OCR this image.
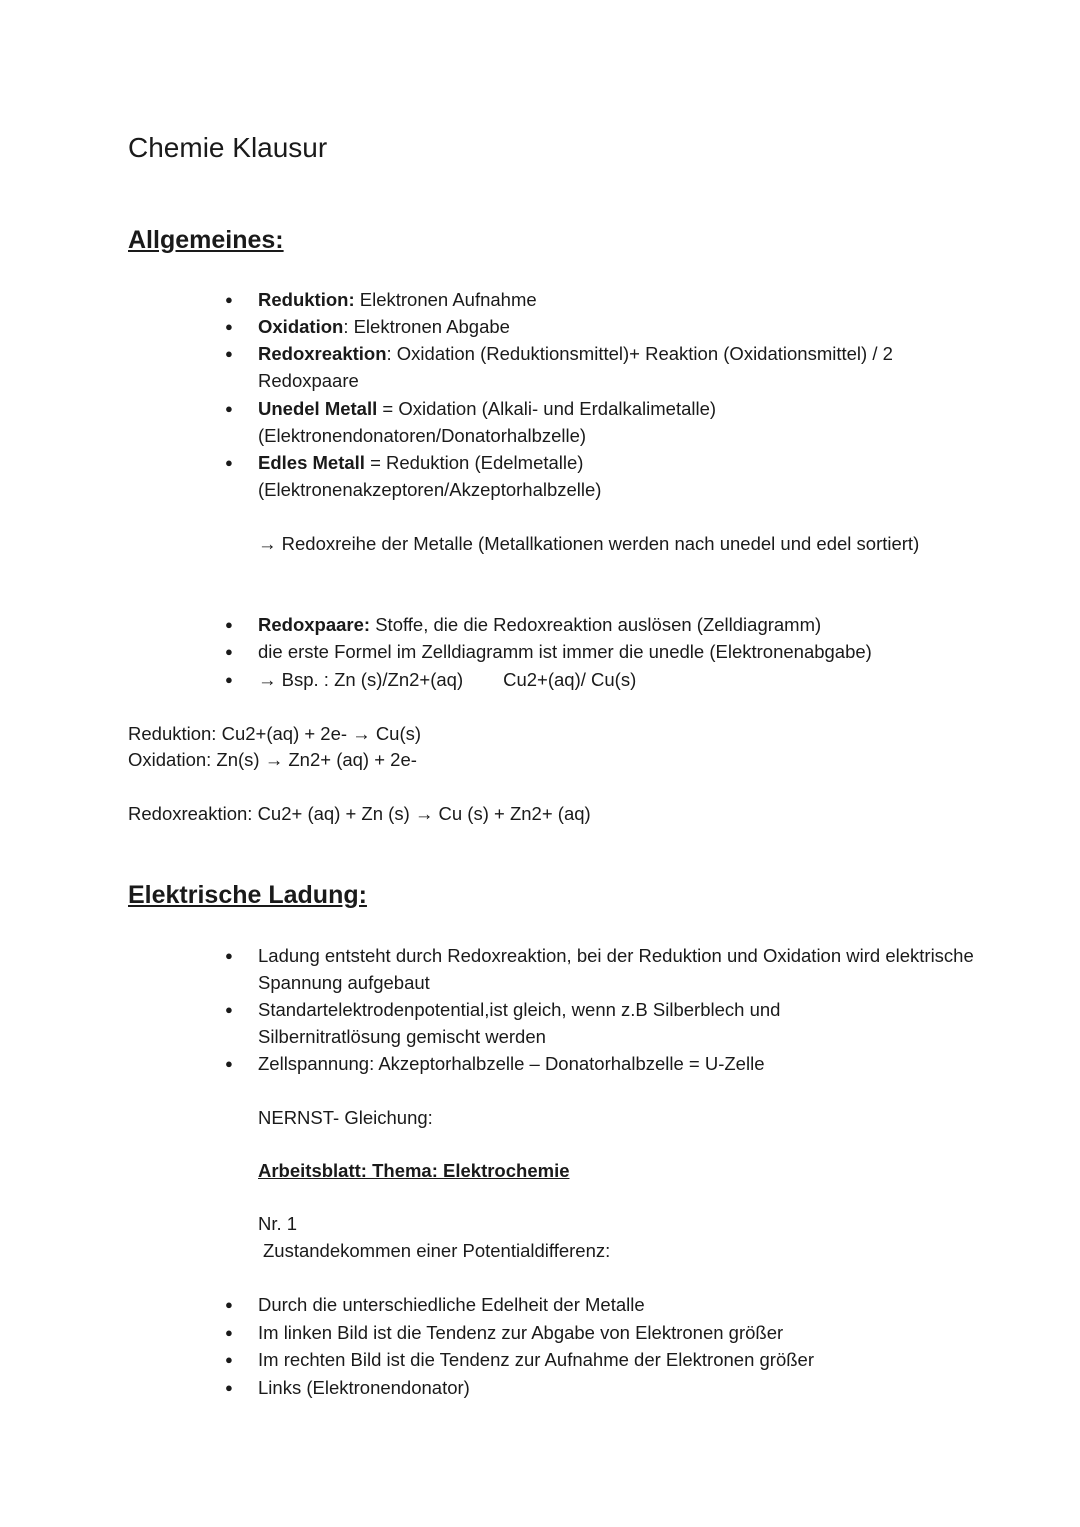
Chemie Klausur
Allgemeines:
● Reduktion: Elektronen Aufnahme
● Oxidation: Elektronen Abgabe
● Redoxreaktion: Oxidation (Reduktionsmittel)+ Reaktion (Oxidationsmittel) / 2 Redoxpaare
● Unedel Metall = Oxidation (Alkali- und Erdalkalimetalle) (Elektronendonatoren/Donatorhalbzelle)
● Edles Metall = Reduktion (Edelmetalle) (Elektronenakzeptoren/Akzeptorhalbzelle)
→ Redoxreihe der Metalle (Metallkationen werden nach unedel und edel sortiert)
● Redoxpaare: Stoffe, die die Redoxreaktion auslösen (Zelldiagramm)
● die erste Formel im Zelldiagramm ist immer die unedle (Elektronenabgabe)
● → Bsp. : Zn (s)/Zn2+(aq) Cu2+(aq)/ Cu(s)
Reduktion: Cu2+(aq) + 2e- → Cu(s)
Oxidation: Zn(s) → Zn2+ (aq) + 2e-
Redoxreaktion: Cu2+ (aq) + Zn (s) → Cu (s) + Zn2+ (aq)
Elektrische Ladung:
● Ladung entsteht durch Redoxreaktion, bei der Reduktion und Oxidation wird elektrische Spannung aufgebaut
● Standartelektrodenpotential,ist gleich, wenn z.B Silberblech und Silbernitratlösung gemischt werden
● Zellspannung: Akzeptorhalbzelle – Donatorhalbzelle = U-Zelle
NERNST- Gleichung:
Arbeitsblatt: Thema: Elektrochemie
Nr. 1
Zustandekommen einer Potentialdifferenz:
● Durch die unterschiedliche Edelheit der Metalle
● Im linken Bild ist die Tendenz zur Abgabe von Elektronen größer
● Im rechten Bild ist die Tendenz zur Aufnahme der Elektronen größer
● Links (Elektronendonator)
